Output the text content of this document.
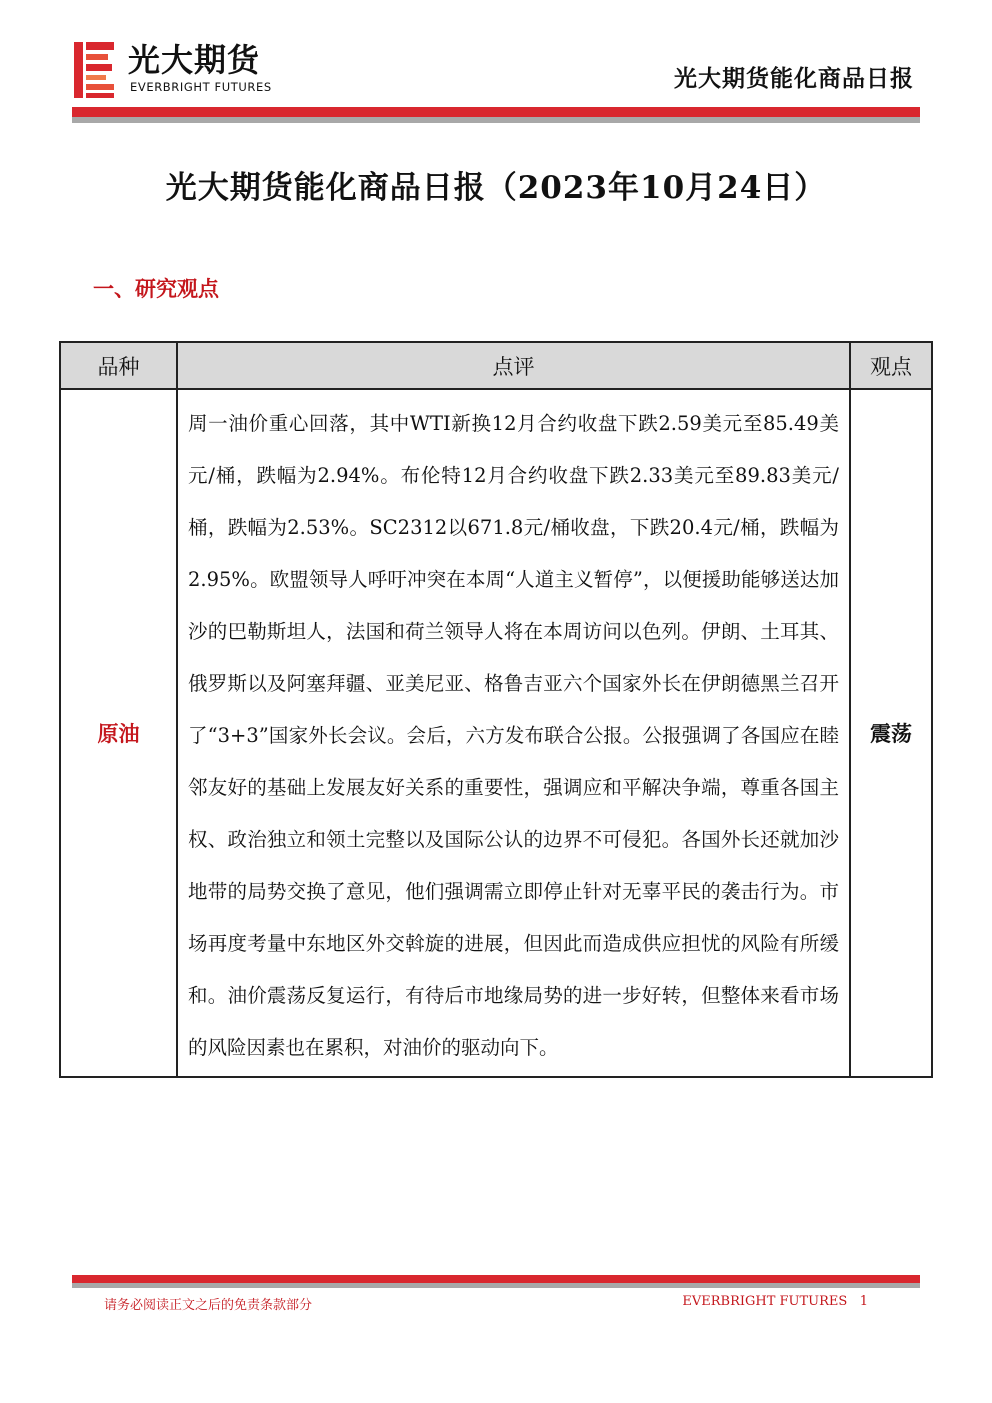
光大期货
EVERBRIGHT FUTURES	光大期货能化商品日报
光大期货能化商品日报（2023年10月24日）
一、研究观点
品种	点评	观点
原油	周一油价重心回落，其中WTI新换12月合约收盘下跌2.59美元至85.49美元/桶，跌幅为2.94%。布伦特12月合约收盘下跌2.33美元至89.83美元/桶，跌幅为2.53%。SC2312以671.8元/桶收盘，下跌20.4元/桶，跌幅为2.95%。欧盟领导人呼吁冲突在本周“人道主义暂停”，以便援助能够送达加沙的巴勒斯坦人，法国和荷兰领导人将在本周访问以色列。伊朗、土耳其、俄罗斯以及阿塞拜疆、亚美尼亚、格鲁吉亚六个国家外长在伊朗德黑兰召开了“3+3”国家外长会议。会后，六方发布联合公报。公报强调了各国应在睦邻友好的基础上发展友好关系的重要性，强调应和平解决争端，尊重各国主权、政治独立和领土完整以及国际公认的边界不可侵犯。各国外长还就加沙地带的局势交换了意见，他们强调需立即停止针对无辜平民的袭击行为。市场再度考量中东地区外交斡旋的进展，但因此而造成供应担忧的风险有所缓和。油价震荡反复运行，有待后市地缘局势的进一步好转，但整体来看市场的风险因素也在累积，对油价的驱动向下。	震荡
请务必阅读正文之后的免责条款部分	EVERBRIGHT FUTURES 1
